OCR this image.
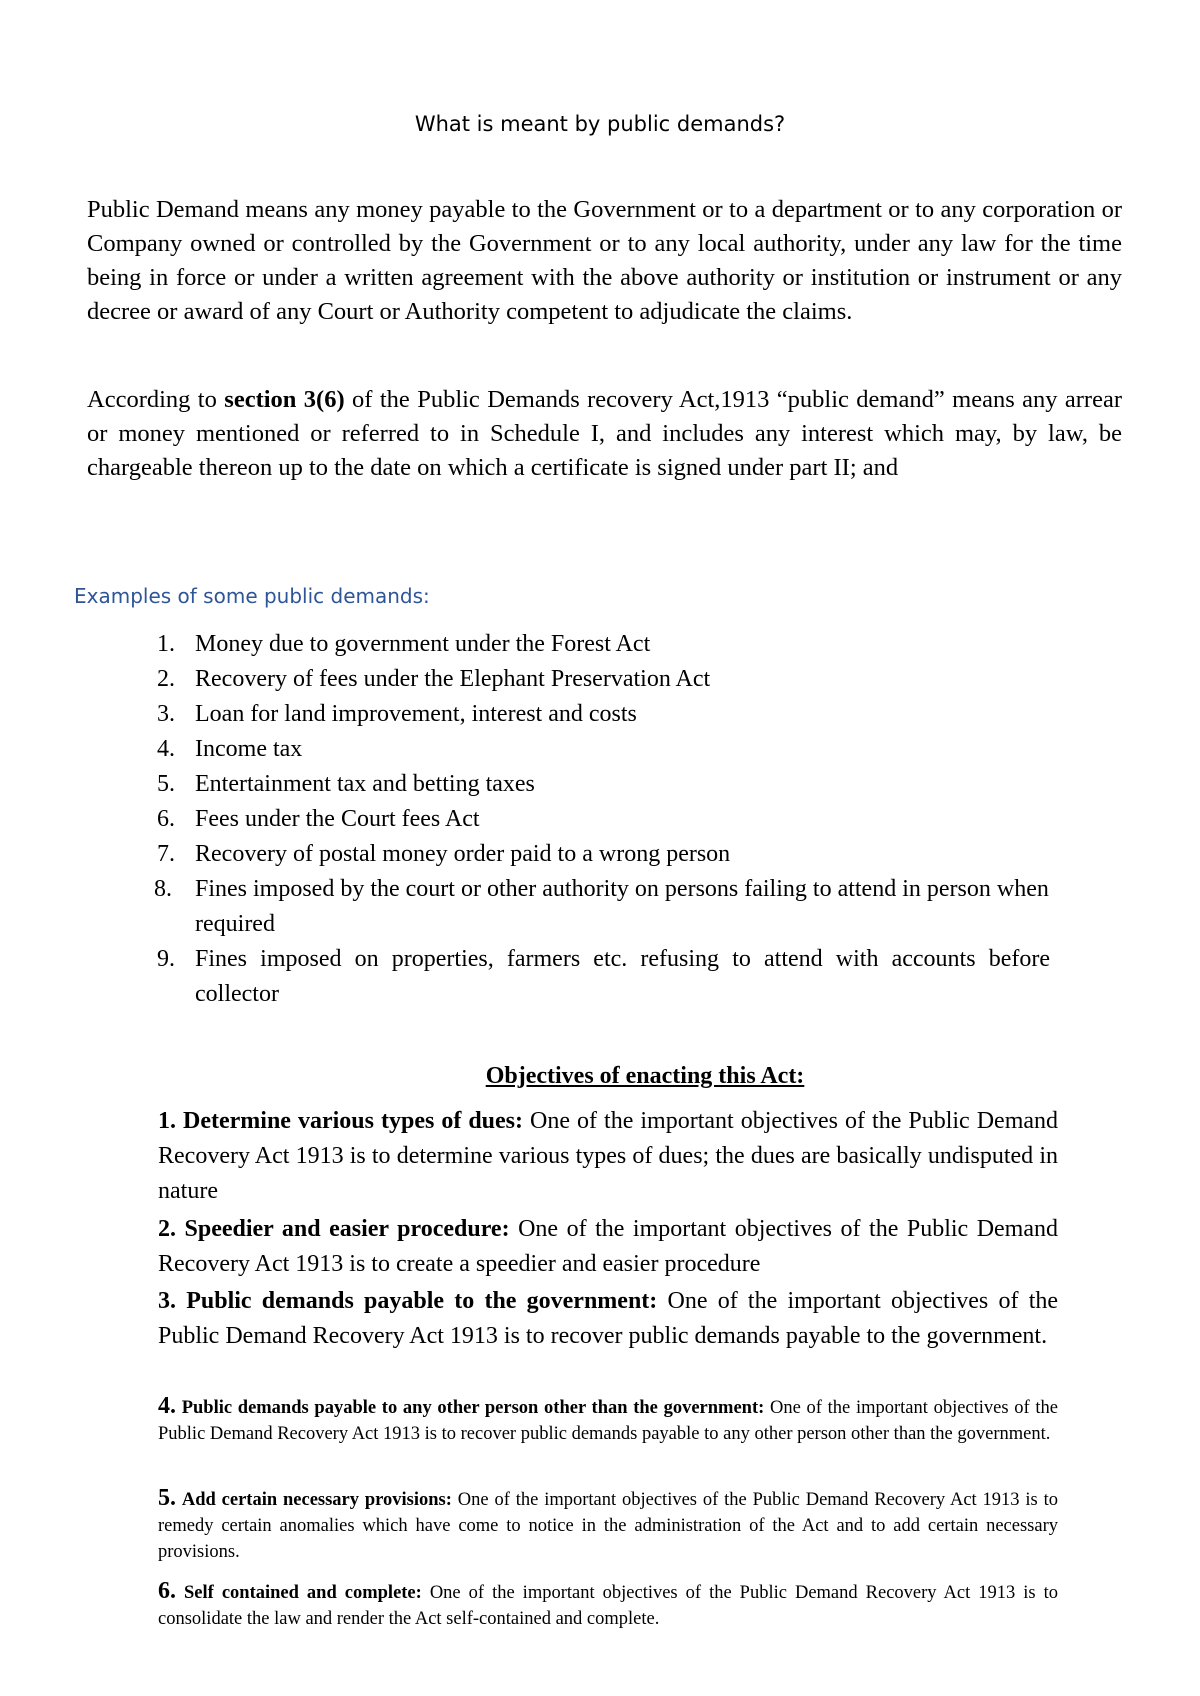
What is meant by public demands?

Public Demand means any money payable to the Government or to a department or to any corporation or Company owned or controlled by the Government or to any local authority, under any law for the time being in force or under a written agreement with the above authority or institution or instrument or any decree or award of any Court or Authority competent to adjudicate the claims.

According to section 3(6) of the Public Demands recovery Act,1913 “public demand” means any arrear or money mentioned or referred to in Schedule I, and includes any interest which may, by law, be chargeable thereon up to the date on which a certificate is signed under part II; and

Examples of some public demands:
1. Money due to government under the Forest Act
2. Recovery of fees under the Elephant Preservation Act
3. Loan for land improvement, interest and costs
4. Income tax
5. Entertainment tax and betting taxes
6. Fees under the Court fees Act
7. Recovery of postal money order paid to a wrong person
8. Fines imposed by the court or other authority on persons failing to attend in person when required
9. Fines imposed on properties, farmers etc. refusing to attend with accounts before collector
Objectives of enacting this Act:

1. Determine various types of dues: One of the important objectives of the Public Demand Recovery Act 1913 is to determine various types of dues; the dues are basically undisputed in nature

2. Speedier and easier procedure: One of the important objectives of the Public Demand Recovery Act 1913 is to create a speedier and easier procedure

3. Public demands payable to the government: One of the important objectives of the Public Demand Recovery Act 1913 is to recover public demands payable to the government.

4. Public demands payable to any other person other than the government: One of the important objectives of the Public Demand Recovery Act 1913 is to recover public demands payable to any other person other than the government.

5. Add certain necessary provisions: One of the important objectives of the Public Demand Recovery Act 1913 is to remedy certain anomalies which have come to notice in the administration of the Act and to add certain necessary provisions.

6. Self contained and complete: One of the important objectives of the Public Demand Recovery Act 1913 is to consolidate the law and render the Act self-contained and complete.
